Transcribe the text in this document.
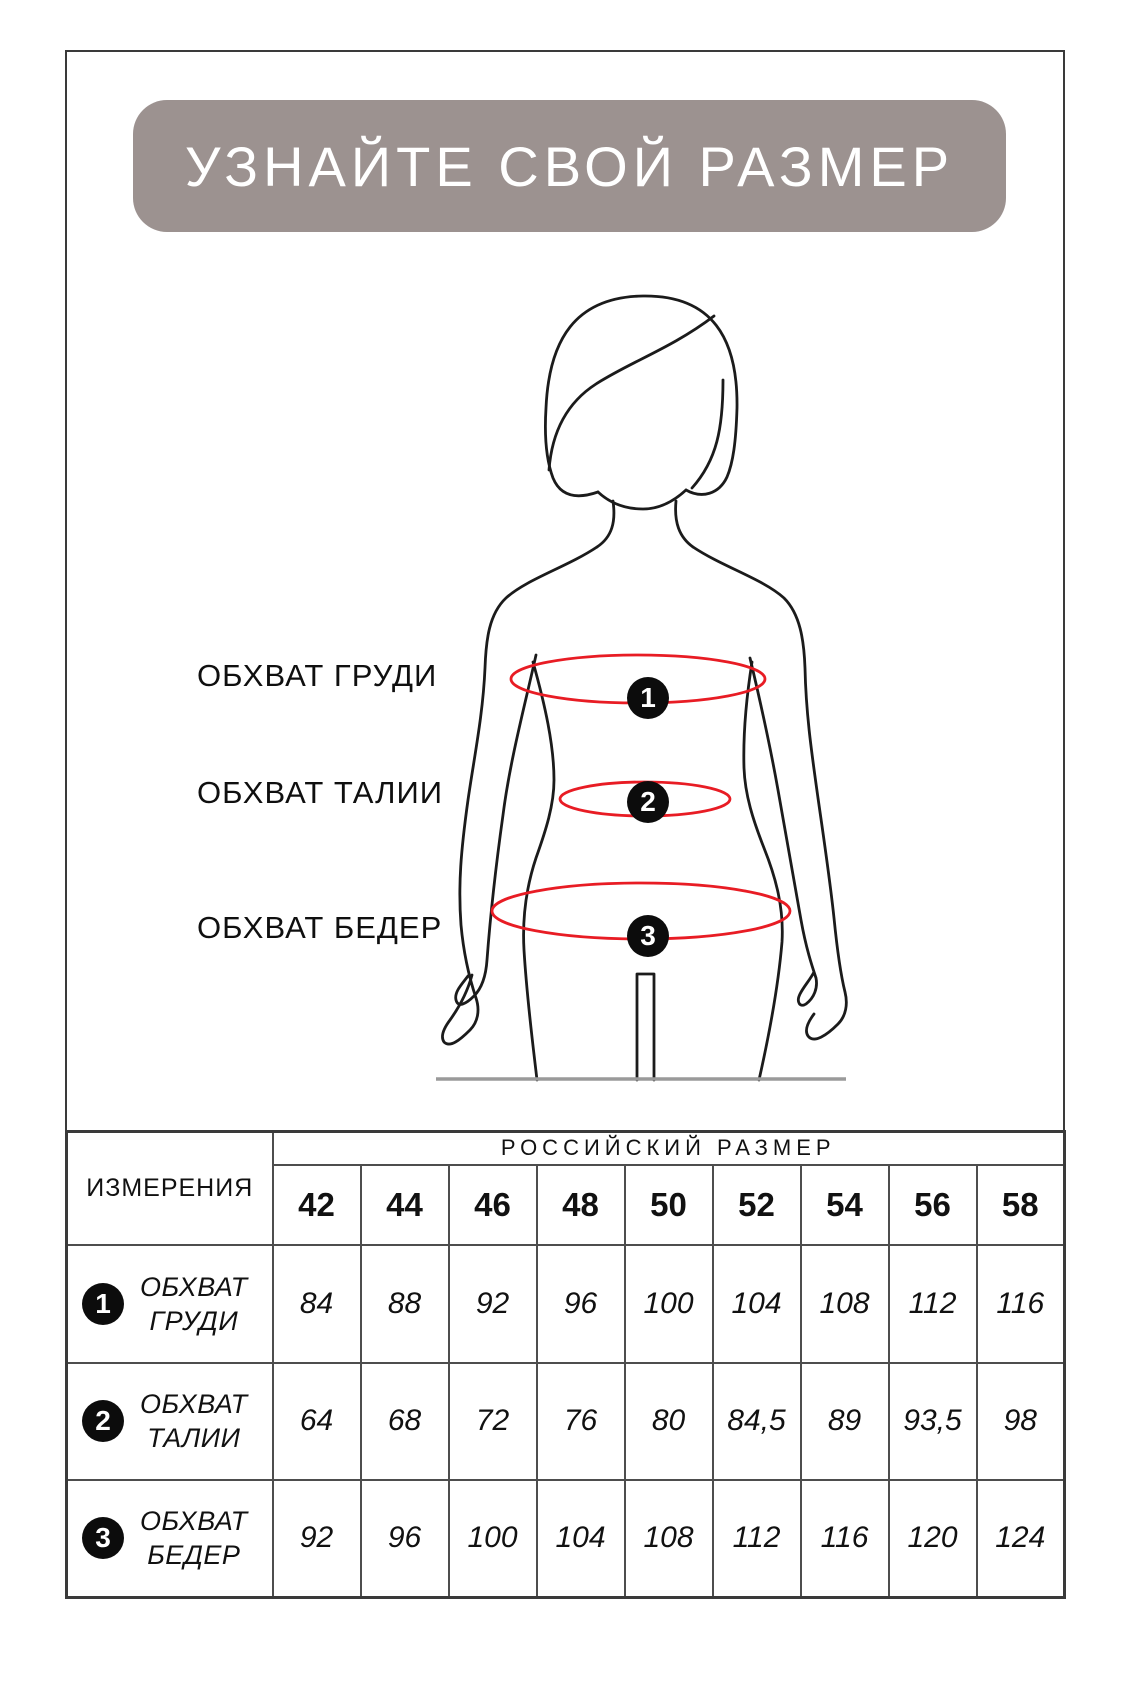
УЗНАЙТЕ СВОЙ РАЗМЕР
ОБХВАТ ГРУДИ
ОБХВАТ ТАЛИИ
ОБХВАТ БЕДЕР
1
2
3
ИЗМЕРЕНИЯ	РОССИЙСКИЙ РАЗМЕР								
	42	44	46	48	50	52	54	56	58

1
ОБХВАТ
ГРУДИ	84	88	92	96	100	104	108	112	116

2
ОБХВАТ
ТАЛИИ	64	68	72	76	80	84,5	89	93,5	98

3
ОБХВАТ
БЕДЕР	92	96	100	104	108	112	116	120	124
